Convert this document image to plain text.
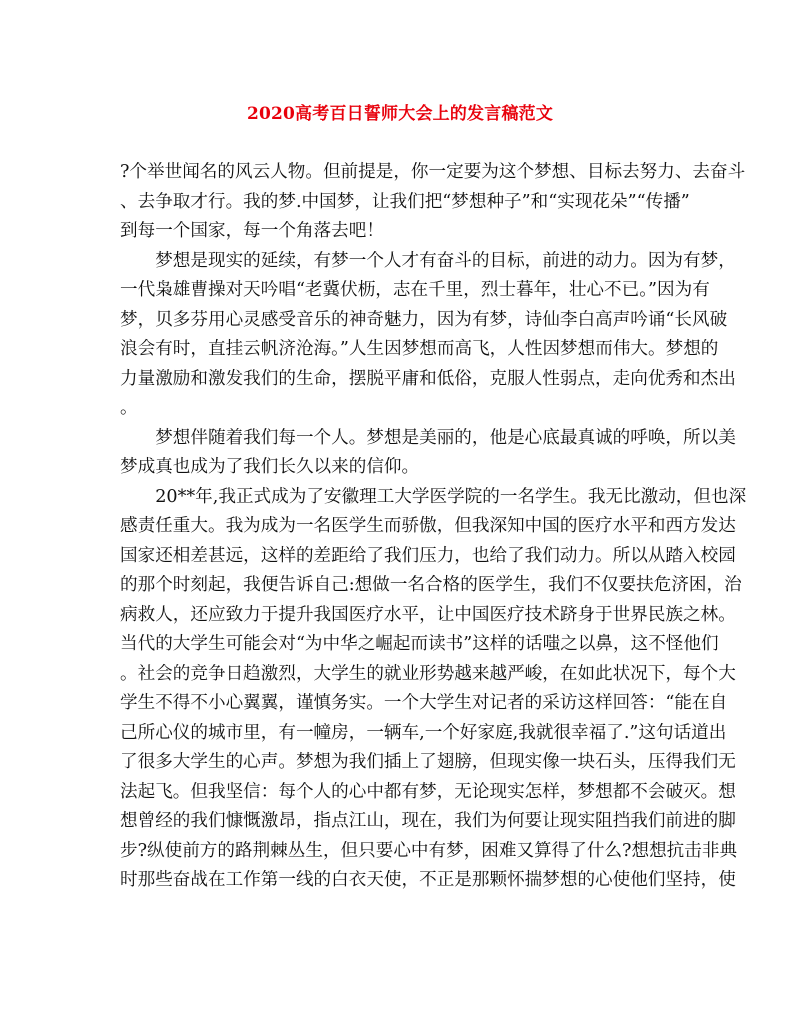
2020高考百日誓师大会上的发言稿范文
?个举世闻名的风云人物。但前提是，你一定要为这个梦想、目标去努力、去奋斗
、去争取才行。我的梦.中国梦，让我们把“梦想种子”和“实现花朵”“传播”
到每一个国家，每一个角落去吧！
　　梦想是现实的延续，有梦一个人才有奋斗的目标，前进的动力。因为有梦，
一代枭雄曹操对天吟唱“老冀伏枥，志在千里，烈士暮年，壮心不已。”因为有
梦，贝多芬用心灵感受音乐的神奇魅力，因为有梦，诗仙李白高声吟诵“长风破
浪会有时，直挂云帆济沧海。”人生因梦想而高飞，人性因梦想而伟大。梦想的
力量激励和激发我们的生命，摆脱平庸和低俗，克服人性弱点，走向优秀和杰出
。
　　梦想伴随着我们每一个人。梦想是美丽的，他是心底最真诚的呼唤，所以美
梦成真也成为了我们长久以来的信仰。
　　20**年,我正式成为了安徽理工大学医学院的一名学生。我无比激动，但也深
感责任重大。我为成为一名医学生而骄傲，但我深知中国的医疗水平和西方发达
国家还相差甚远，这样的差距给了我们压力，也给了我们动力。所以从踏入校园
的那个时刻起，我便告诉自己:想做一名合格的医学生，我们不仅要扶危济困，治
病救人，还应致力于提升我国医疗水平，让中国医疗技术跻身于世界民族之林。
当代的大学生可能会对“为中华之崛起而读书”这样的话嗤之以鼻，这不怪他们
。社会的竞争日趋激烈，大学生的就业形势越来越严峻，在如此状况下，每个大
学生不得不小心翼翼，谨慎务实。一个大学生对记者的采访这样回答：“能在自
己所心仪的城市里，有一幢房，一辆车,一个好家庭,我就很幸福了.”这句话道出
了很多大学生的心声。梦想为我们插上了翅膀，但现实像一块石头，压得我们无
法起飞。但我坚信：每个人的心中都有梦，无论现实怎样，梦想都不会破灭。想
想曾经的我们慷慨激昂，指点江山，现在，我们为何要让现实阻挡我们前进的脚
步?纵使前方的路荆棘丛生，但只要心中有梦，困难又算得了什么?想想抗击非典
时那些奋战在工作第一线的白衣天使，不正是那颗怀揣梦想的心使他们坚持，使
